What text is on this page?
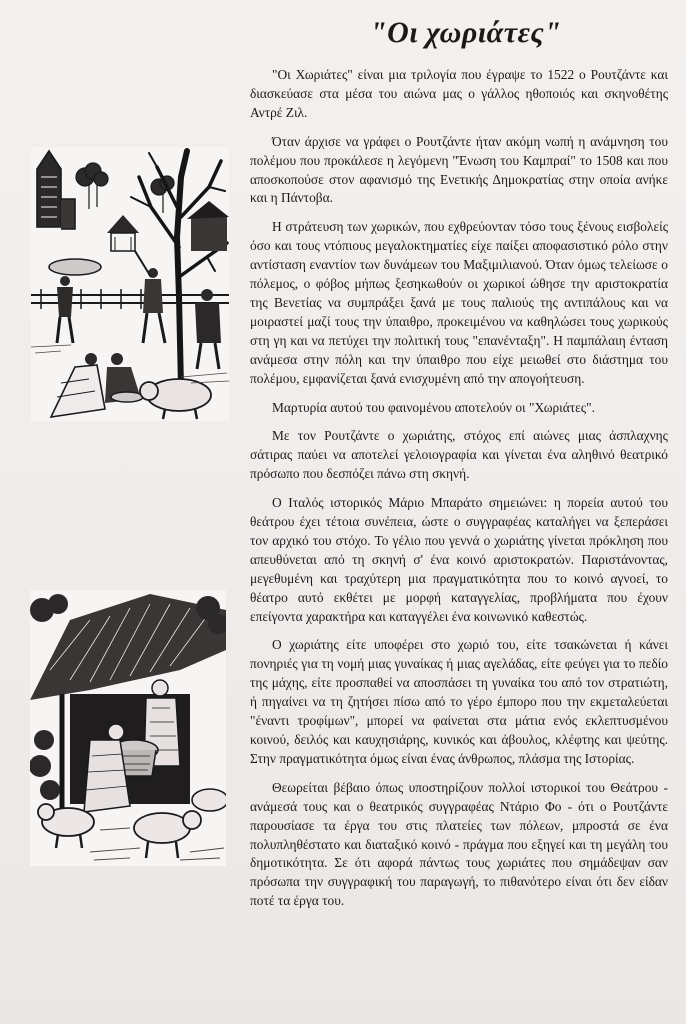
"Οι χωριάτες"

"Οι Χωριάτες" είναι μια τριλογία που έγραψε το 1522 ο Ρουτζάντε και διασκεύασε στα μέσα του αιώνα μας ο γάλλος ηθοποιός και σκηνοθέτης Αντρέ Ζιλ.

Όταν άρχισε να γράφει ο Ρουτζάντε ήταν ακόμη νωπή η ανάμνηση του πολέμου που προκάλεσε η λεγόμενη "Ένωση του Καμπραί" το 1508 και που αποσκοπούσε στον αφανισμό της Ενετικής Δημοκρατίας στην οποία ανήκε και η Πάντοβα.

Η στράτευση των χωρικών, που εχθρεύονταν τόσο τους ξένους εισβολείς όσο και τους ντόπιους μεγαλοκτηματίες είχε παίξει αποφασιστικό ρόλο στην αντίσταση εναντίον των δυνάμεων του Μαξιμιλιανού. Όταν όμως τελείωσε ο πόλεμος, ο φόβος μήπως ξεσηκωθούν οι χωρικοί ώθησε την αριστοκρατία της Βενετίας να συμπράξει ξανά με τους παλιούς της αντιπάλους και να μοιραστεί μαζί τους την ύπαιθρο, προκειμένου να καθηλώσει τους χωρικούς στη γη και να πετύχει την πολιτική τους "επανένταξη". Η παμπάλαιη ένταση ανάμεσα στην πόλη και την ύπαιθρο που είχε μειωθεί στο διάστημα του πολέμου, εμφανίζεται ξανά ενισχυμένη από την απογοήτευση.

Μαρτυρία αυτού του φαινομένου αποτελούν οι "Χωριάτες".

Με τον Ρουτζάντε ο χωριάτης, στόχος επί αιώνες μιας άσπλαχνης σάτιρας παύει να αποτελεί γελοιογραφία και γίνεται ένα αληθινό θεατρικό πρόσωπο που δεσπόζει πάνω στη σκηνή.

Ο Ιταλός ιστορικός Μάριο Μπαράτο σημειώνει: η πορεία αυτού του θεάτρου έχει τέτοια συνέπεια, ώστε ο συγγραφέας καταλήγει να ξεπεράσει τον αρχικό του στόχο. Το γέλιο που γεννά ο χωριάτης γίνεται πρόκληση που απευθύνεται από τη σκηνή σ' ένα κοινό αριστοκρατών. Παριστάνοντας, μεγεθυμένη και τραχύτερη μια πραγματικότητα που το κοινό αγνοεί, το θέατρο αυτό εκθέτει με μορφή καταγγελίας, προβλήματα που έχουν επείγοντα χαρακτήρα και καταγγέλει ένα κοινωνικό καθεστώς.

Ο χωριάτης είτε υποφέρει στο χωριό του, είτε τσακώνεται ή κάνει πονηριές για τη νομή μιας γυναίκας ή μιας αγελάδας, είτε φεύγει για το πεδίο της μάχης, είτε προσπαθεί να αποσπάσει τη γυναίκα του από τον στρατιώτη, ή πηγαίνει να τη ζητήσει πίσω από το γέρο έμπορο που την εκμεταλεύεται "έναντι τροφίμων", μπορεί να φαίνεται στα μάτια ενός εκλεπτυσμένου κοινού, δειλός και καυχησιάρης, κυνικός και άβουλος, κλέφτης και ψεύτης. Στην πραγματικότητα όμως είναι ένας άνθρωπος, πλάσμα της Ιστορίας.

Θεωρείται βέβαιο όπως υποστηρίζουν πολλοί ιστορικοί του Θεάτρου - ανάμεσά τους και ο θεατρικός συγγραφέας Ντάριο Φο - ότι ο Ρουτζάντε παρουσίασε τα έργα του στις πλατείες των πόλεων, μπροστά σε ένα πολυπληθέστατο και διαταξικό κοινό - πράγμα που εξηγεί και τη μεγάλη του δημοτικότητα. Σε ότι αφορά πάντως τους χωριάτες που σημάδεψαν σαν πρόσωπα την συγγραφική του παραγωγή, το πιθανότερο είναι ότι δεν είδαν ποτέ τα έργα του.
